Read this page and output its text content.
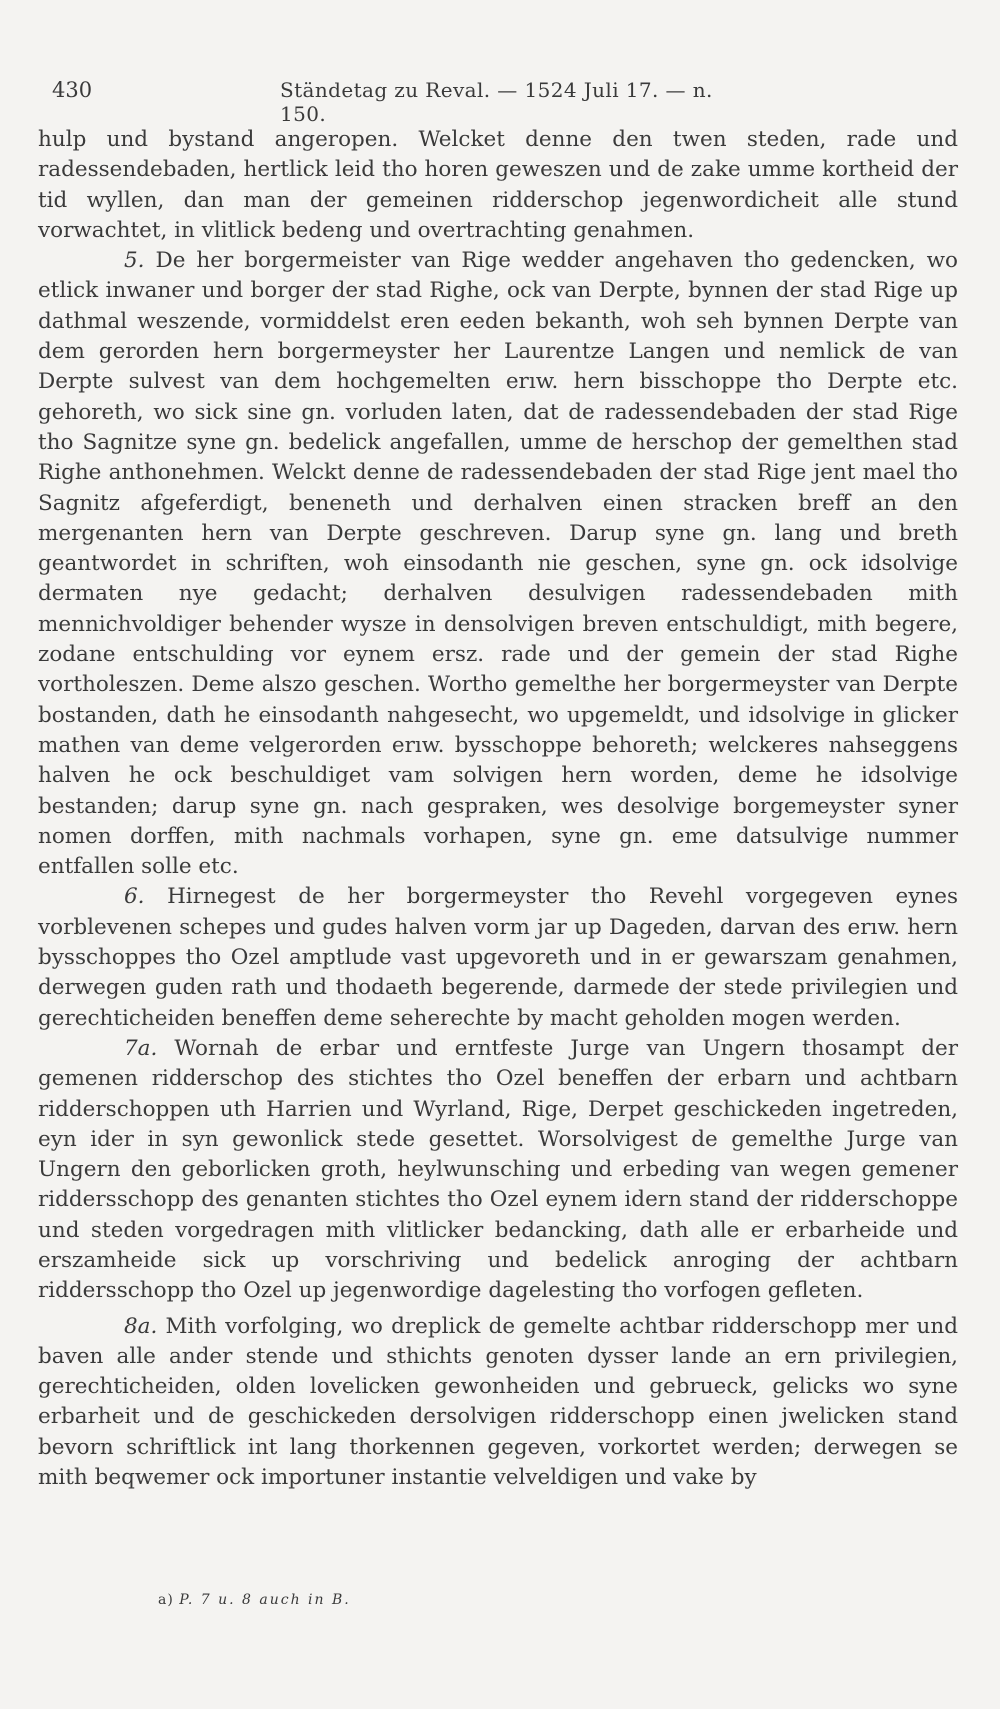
430	Ständetag zu Reval. — 1524 Juli 17. — n. 150.

hulp und bystand angeropen. Welcket denne den twen steden, rade und radessendebaden, hertlick leid tho horen geweszen und de zake umme kortheid der tid wyllen, dan man der gemeinen ridderschop jegenwordicheit alle stund vorwachtet, in vlitlick bedeng und overtrachting genahmen.

5. De her borgermeister van Rige wedder angehaven tho gedencken, wo etlick inwaner und borger der stad Righe, ock van Derpte, bynnen der stad Rige up dathmal weszende, vormiddelst eren eeden bekanth, woh seh bynnen Derpte van dem gerorden hern borgermeyster her Laurentze Langen und nemlick de van Derpte sulvest van dem hochgemelten erıw. hern bisschoppe tho Derpte etc. gehoreth, wo sick sine gn. vorluden laten, dat de radessendebaden der stad Rige tho Sagnitze syne gn. bedelick angefallen, umme de herschop der gemelthen stad Righe anthonehmen. Welckt denne de radessendebaden der stad Rige jent mael tho Sagnitz afgeferdigt, beneneth und derhalven einen stracken breff an den mergenanten hern van Derpte geschreven. Darup syne gn. lang und breth geantwordet in schriften, woh einsodanth nie geschen, syne gn. ock idsolvige dermaten nye gedacht; derhalven desulvigen radessendebaden mith mennichvoldiger behender wysze in densolvigen breven entschuldigt, mith begere, zodane entschulding vor eynem ersz. rade und der gemein der stad Righe vortholeszen. Deme alszo geschen. Wortho gemelthe her borgermeyster van Derpte bostanden, dath he einsodanth nahgesecht, wo upgemeldt, und idsolvige in glicker mathen van deme velgerorden erıw. bysschoppe behoreth; welckeres nahseggens halven he ock beschuldiget vam solvigen hern worden, deme he idsolvige bestanden; darup syne gn. nach gespraken, wes desolvige borgemeyster syner nomen dorffen, mith nachmals vorhapen, syne gn. eme datsulvige nummer entfallen solle etc.

6. Hirnegest de her borgermeyster tho Revehl vorgegeven eynes vorblevenen schepes und gudes halven vorm jar up Dageden, darvan des erıw. hern bysschoppes tho Ozel amptlude vast upgevoreth und in er gewarszam genahmen, derwegen guden rath und thodaeth begerende, darmede der stede privilegien und gerechticheiden beneffen deme seherechte by macht geholden mogen werden.

7a. Wornah de erbar und erntfeste Jurge van Ungern thosampt der gemenen ridderschop des stichtes tho Ozel beneffen der erbarn und achtbarn ridderschoppen uth Harrien und Wyrland, Rige, Derpet geschickeden ingetreden, eyn ider in syn gewonlick stede gesettet. Worsolvigest de gemelthe Jurge van Ungern den geborlicken groth, heylwunsching und erbeding van wegen gemener riddersschopp des genanten stichtes tho Ozel eynem idern stand der ridderschoppe und steden vorgedragen mith vlitlicker bedancking, dath alle er erbarheide und erszamheide sick up vorschriving und bedelick anroging der achtbarn riddersschopp tho Ozel up jegenwordige dagelesting tho vorfogen gefleten.

8a. Mith vorfolging, wo dreplick de gemelte achtbar ridderschopp mer und baven alle ander stende und sthichts genoten dysser lande an ern privilegien, gerechticheiden, olden lovelicken gewonheiden und gebrueck, gelicks wo syne erbarheit und de geschickeden dersolvigen ridderschopp einen jwelicken stand bevorn schriftlick int lang thorkennen gegeven, vorkortet werden; derwegen se mith beqwemer ock importuner instantie velveldigen und vake by

a) P. 7 u. 8 auch in B.
